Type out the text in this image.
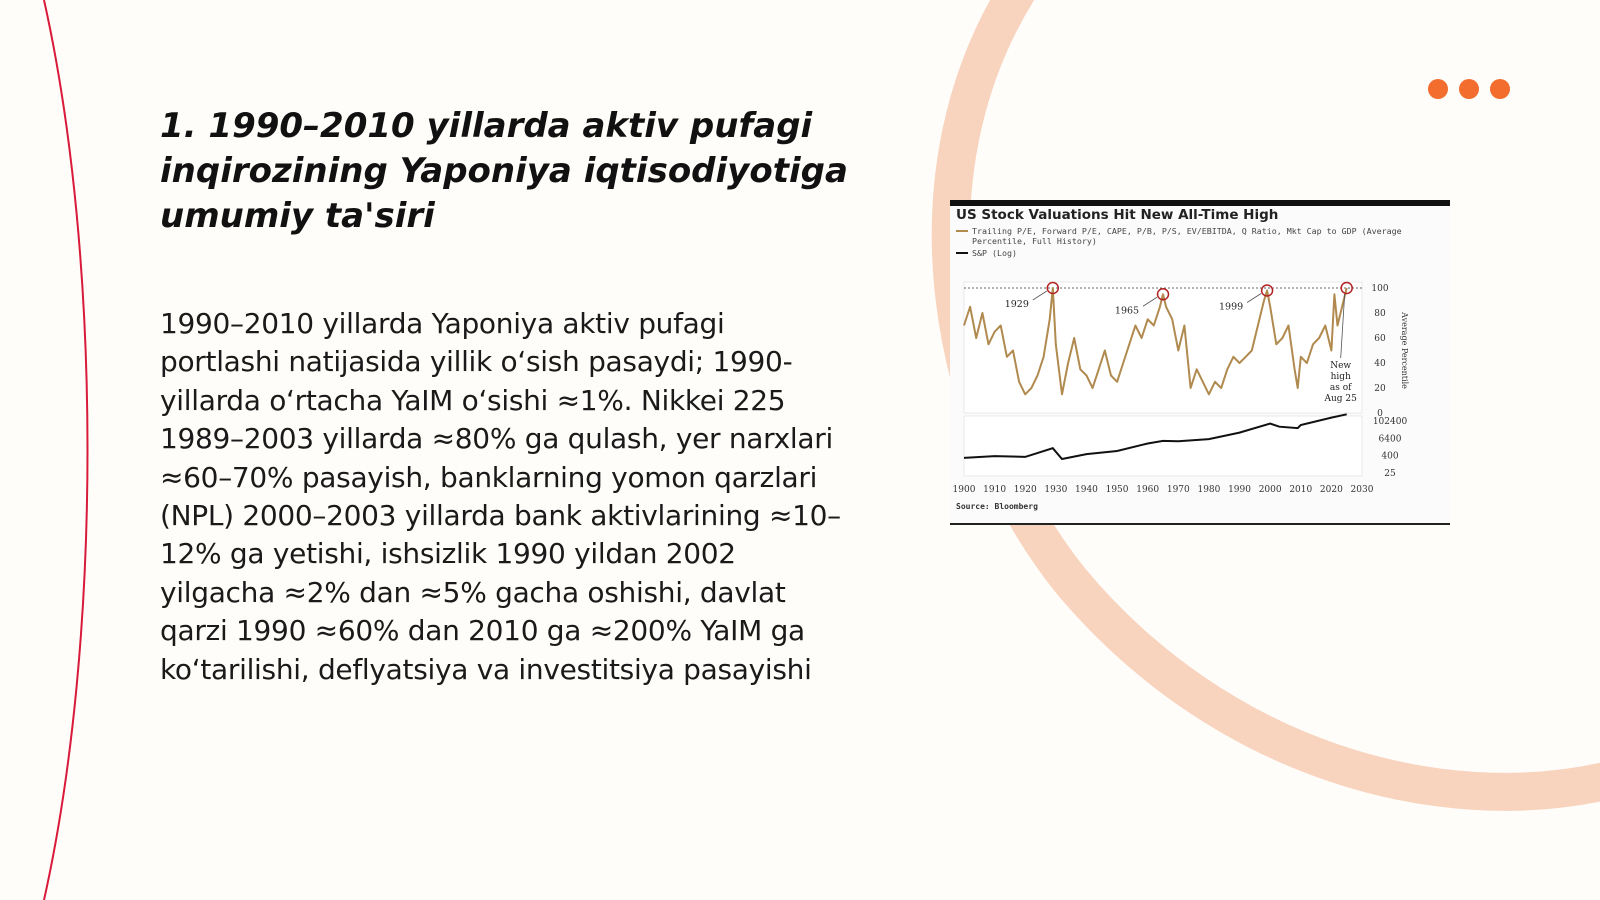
1. 1990–2010 yillarda aktiv pufagi inqirozining Yaponiya iqtisodiyotiga umumiy ta'siri

1990–2010 yillarda Yaponiya aktiv pufagi portlashi natijasida yillik oʻsish pasaydi; 1990-yillarda oʻrtacha YaIM oʻsishi ≈1%. Nikkei 225 1989–2003 yillarda ≈80% ga qulash, yer narxlari ≈60–70% pasayish, banklarning yomon qarzlari (NPL) 2000–2003 yillarda bank aktivlarining ≈10–12% ga yetishi, ishsizlik 1990 yildan 2002 yilgacha ≈2% dan ≈5% gacha oshishi, davlat qarzi 1990 ≈60% dan 2010 ga ≈200% YaIM ga koʻtarilishi, deflyatsiya va investitsiya pasayishi

US Stock Valuations Hit New All-Time High
Trailing P/E, Forward P/E, CAPE, P/B, P/S, EV/EBITDA, Q Ratio, Mkt Cap to GDP (Average Percentile, Full History)
S&P (Log)
100
80
60
40
20
0
Average Percentile
1929
1965	1999
New high as of Aug 25
102400
6400
400
25
1900 1910 1920 1930 1940 1950 1960 1970 1980 1990 2000 2010 2020 2030
Source: Bloomberg
